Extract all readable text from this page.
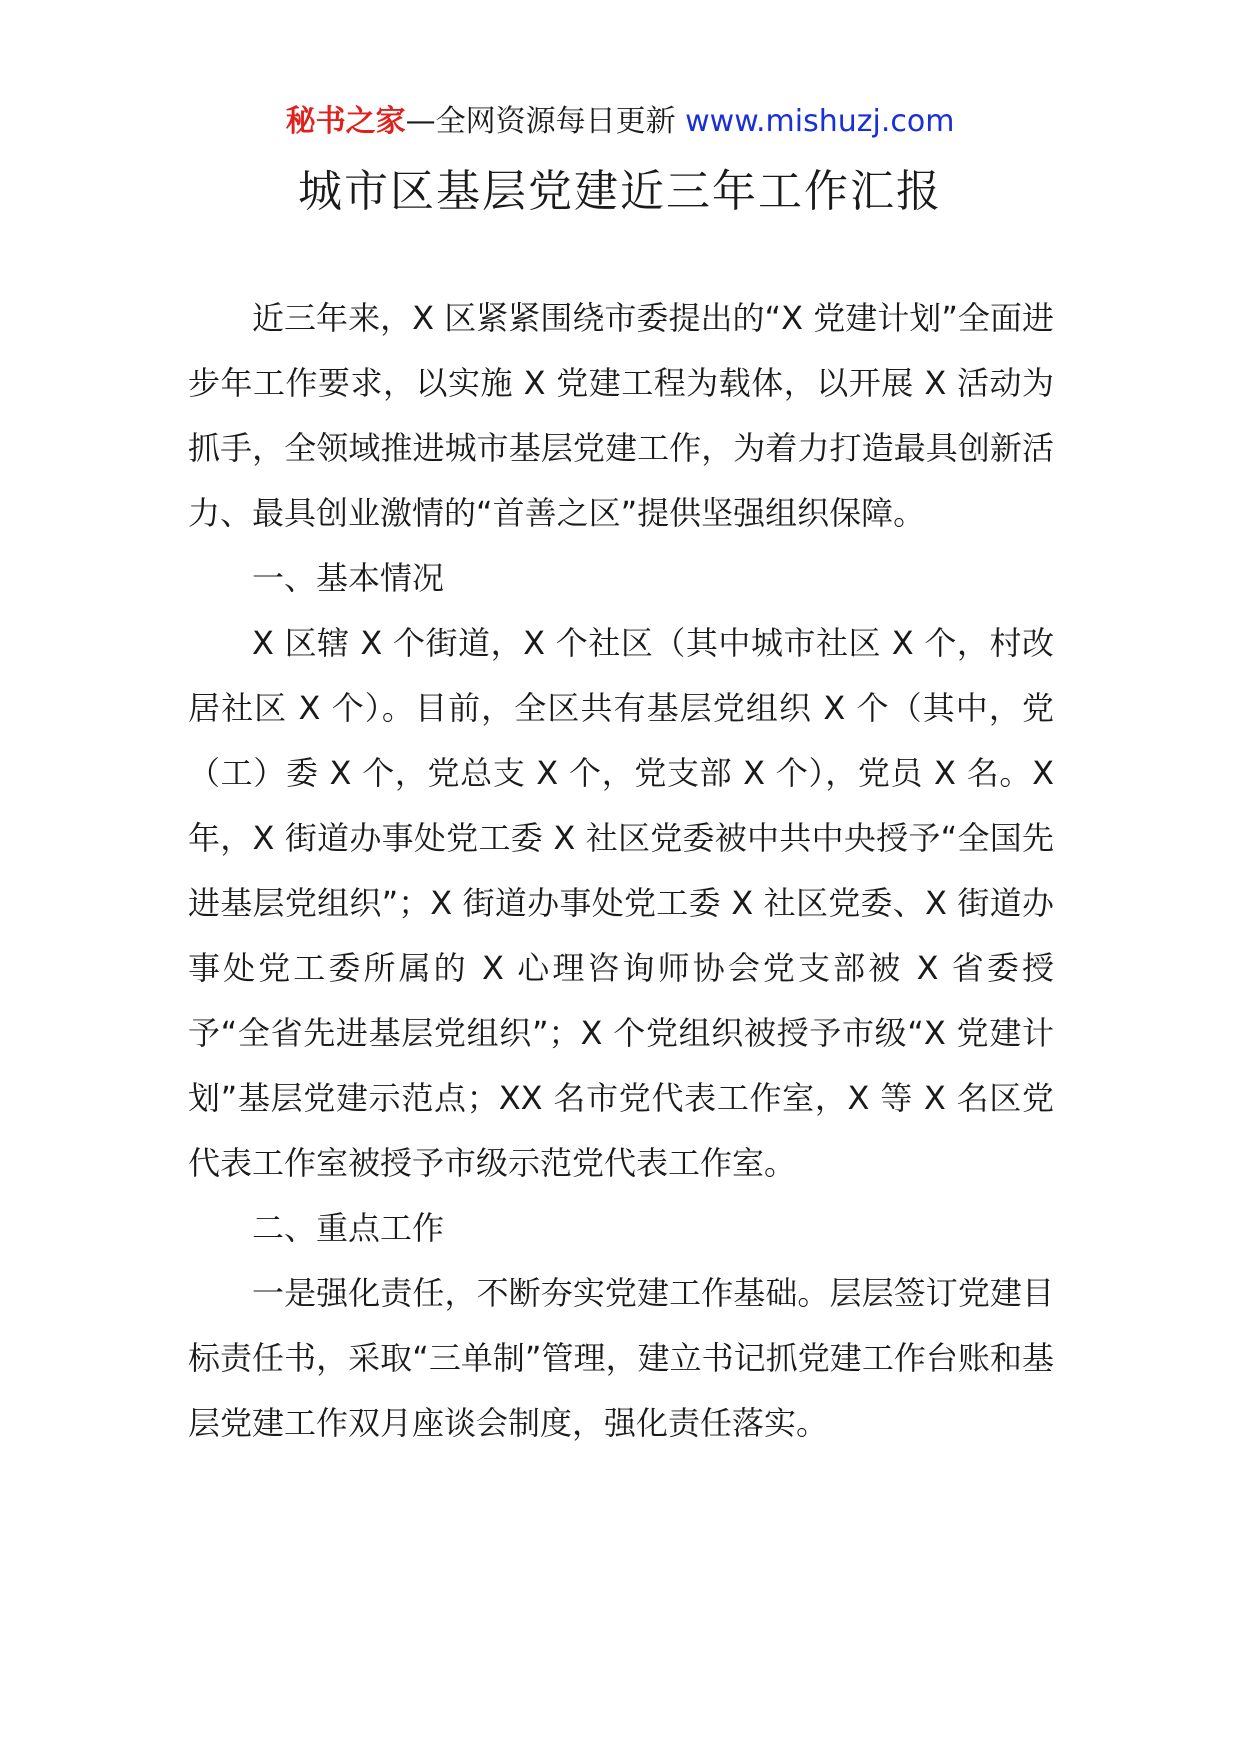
秘书之家—全网资源每日更新 www.mishuzj.com
城市区基层党建近三年工作汇报

近三年来，X 区紧紧围绕市委提出的“X 党建计划”全面进步年工作要求，以实施 X 党建工程为载体，以开展 X 活动为抓手，全领域推进城市基层党建工作，为着力打造最具创新活力、最具创业激情的“首善之区”提供坚强组织保障。

一、基本情况

X 区辖 X 个街道，X 个社区（其中城市社区 X 个，村改居社区 X 个）。目前，全区共有基层党组织 X 个（其中，党（工）委 X 个，党总支 X 个，党支部 X 个），党员 X 名。X 年，X 街道办事处党工委 X 社区党委被中共中央授予“全国先进基层党组织”；X 街道办事处党工委 X 社区党委、X 街道办事处党工委所属的 X 心理咨询师协会党支部被 X 省委授予“全省先进基层党组织”；X 个党组织被授予市级“X 党建计划”基层党建示范点；XX 名市党代表工作室，X 等 X 名区党代表工作室被授予市级示范党代表工作室。

二、重点工作

一是强化责任，不断夯实党建工作基础。层层签订党建目标责任书，采取“三单制”管理，建立书记抓党建工作台账和基层党建工作双月座谈会制度，强化责任落实。
